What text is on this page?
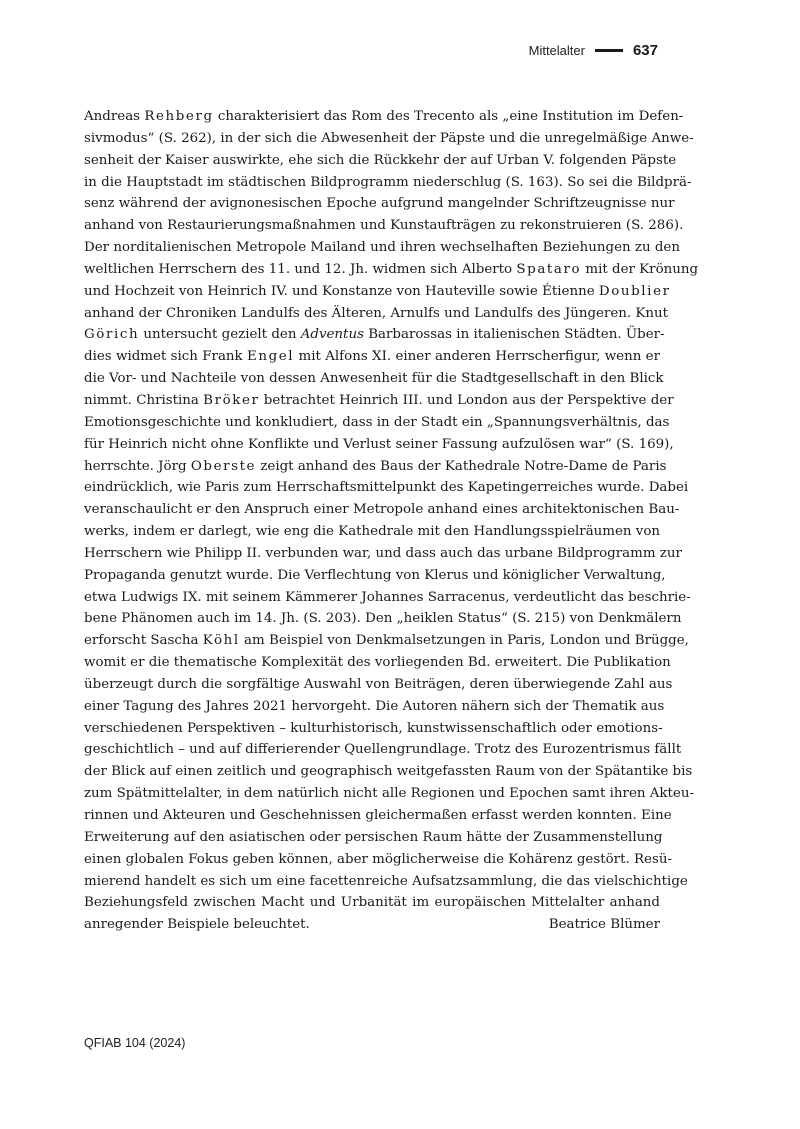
Mittelalter	637
Andreas Rehberg charakterisiert das Rom des Trecento als „eine Institution im Defen-
sivmodus“ (S. 262), in der sich die Abwesenheit der Päpste und die unregelmäßige Anwe-
senheit der Kaiser auswirkte, ehe sich die Rückkehr der auf Urban V. folgenden Päpste
in die Hauptstadt im städtischen Bildprogramm niederschlug (S. 163). So sei die Bildprä-
senz während der avignonesischen Epoche aufgrund mangelnder Schriftzeugnisse nur
anhand von Restaurierungsmaßnahmen und Kunstaufträgen zu rekonstruieren (S. 286).
Der norditalienischen Metropole Mailand und ihren wechselhaften Beziehungen zu den
weltlichen Herrschern des 11. und 12. Jh. widmen sich Alberto Spataro mit der Krönung
und Hochzeit von Heinrich IV. und Konstanze von Hauteville sowie Étienne Doublier
anhand der Chroniken Landulfs des Älteren, Arnulfs und Landulfs des Jüngeren. Knut
Görich untersucht gezielt den Adventus Barbarossas in italienischen Städten. Über-
dies widmet sich Frank Engel mit Alfons XI. einer anderen Herrscherfigur, wenn er
die Vor- und Nachteile von dessen Anwesenheit für die Stadtgesellschaft in den Blick
nimmt. Christina Bröker betrachtet Heinrich III. und London aus der Perspektive der
Emotionsgeschichte und konkludiert, dass in der Stadt ein „Spannungsverhältnis, das
für Heinrich nicht ohne Konflikte und Verlust seiner Fassung aufzulösen war“ (S. 169),
herrschte. Jörg Oberste zeigt anhand des Baus der Kathedrale Notre-Dame de Paris
eindrücklich, wie Paris zum Herrschaftsmittelpunkt des Kapetingerreiches wurde. Dabei
veranschaulicht er den Anspruch einer Metropole anhand eines architektonischen Bau-
werks, indem er darlegt, wie eng die Kathedrale mit den Handlungsspielräumen von
Herrschern wie Philipp II. verbunden war, und dass auch das urbane Bildprogramm zur
Propaganda genutzt wurde. Die Verflechtung von Klerus und königlicher Verwaltung,
etwa Ludwigs IX. mit seinem Kämmerer Johannes Sarracenus, verdeutlicht das beschrie-
bene Phänomen auch im 14. Jh. (S. 203). Den „heiklen Status“ (S. 215) von Denkmälern
erforscht Sascha Köhl am Beispiel von Denkmalsetzungen in Paris, London und Brügge,
womit er die thematische Komplexität des vorliegenden Bd. erweitert. Die Publikation
überzeugt durch die sorgfältige Auswahl von Beiträgen, deren überwiegende Zahl aus
einer Tagung des Jahres 2021 hervorgeht. Die Autoren nähern sich der Thematik aus
verschiedenen Perspektiven – kulturhistorisch, kunstwissenschaftlich oder emotions-
geschichtlich – und auf differierender Quellengrundlage. Trotz des Eurozentrismus fällt
der Blick auf einen zeitlich und geographisch weitgefassten Raum von der Spätantike bis
zum Spätmittelalter, in dem natürlich nicht alle Regionen und Epochen samt ihren Akteu-
rinnen und Akteuren und Geschehnissen gleichermaßen erfasst werden konnten. Eine
Erweiterung auf den asiatischen oder persischen Raum hätte der Zusammenstellung
einen globalen Fokus geben können, aber möglicherweise die Kohärenz gestört. Resü-
mierend handelt es sich um eine facettenreiche Aufsatzsammlung, die das vielschichtige
Beziehungsfeld zwischen Macht und Urbanität im europäischen Mittelalter anhand
anregender Beispiele beleuchtet.	Beatrice Blümer
QFIAB 104 (2024)
